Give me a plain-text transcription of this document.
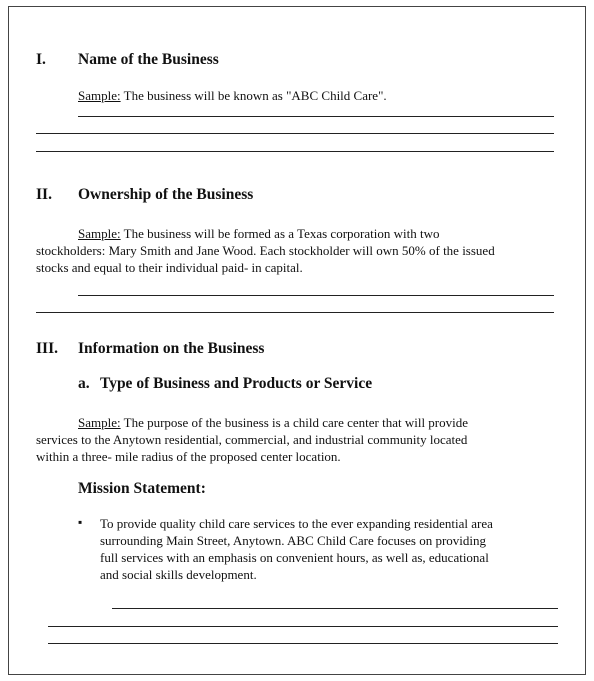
I. Name of the Business
Sample: The business will be known as "ABC Child Care".
II. Ownership of the Business
Sample: The business will be formed as a Texas corporation with two
stockholders: Mary Smith and Jane Wood. Each stockholder will own 50% of the issued
stocks and equal to their individual paid- in capital.
III. Information on the Business
a. Type of Business and Products or Service
Sample: The purpose of the business is a child care center that will provide
services to the Anytown residential, commercial, and industrial community located
within a three- mile radius of the proposed center location.
Mission Statement:
▪ To provide quality child care services to the ever expanding residential area
surrounding Main Street, Anytown. ABC Child Care focuses on providing
full services with an emphasis on convenient hours, as well as, educational
and social skills development.
